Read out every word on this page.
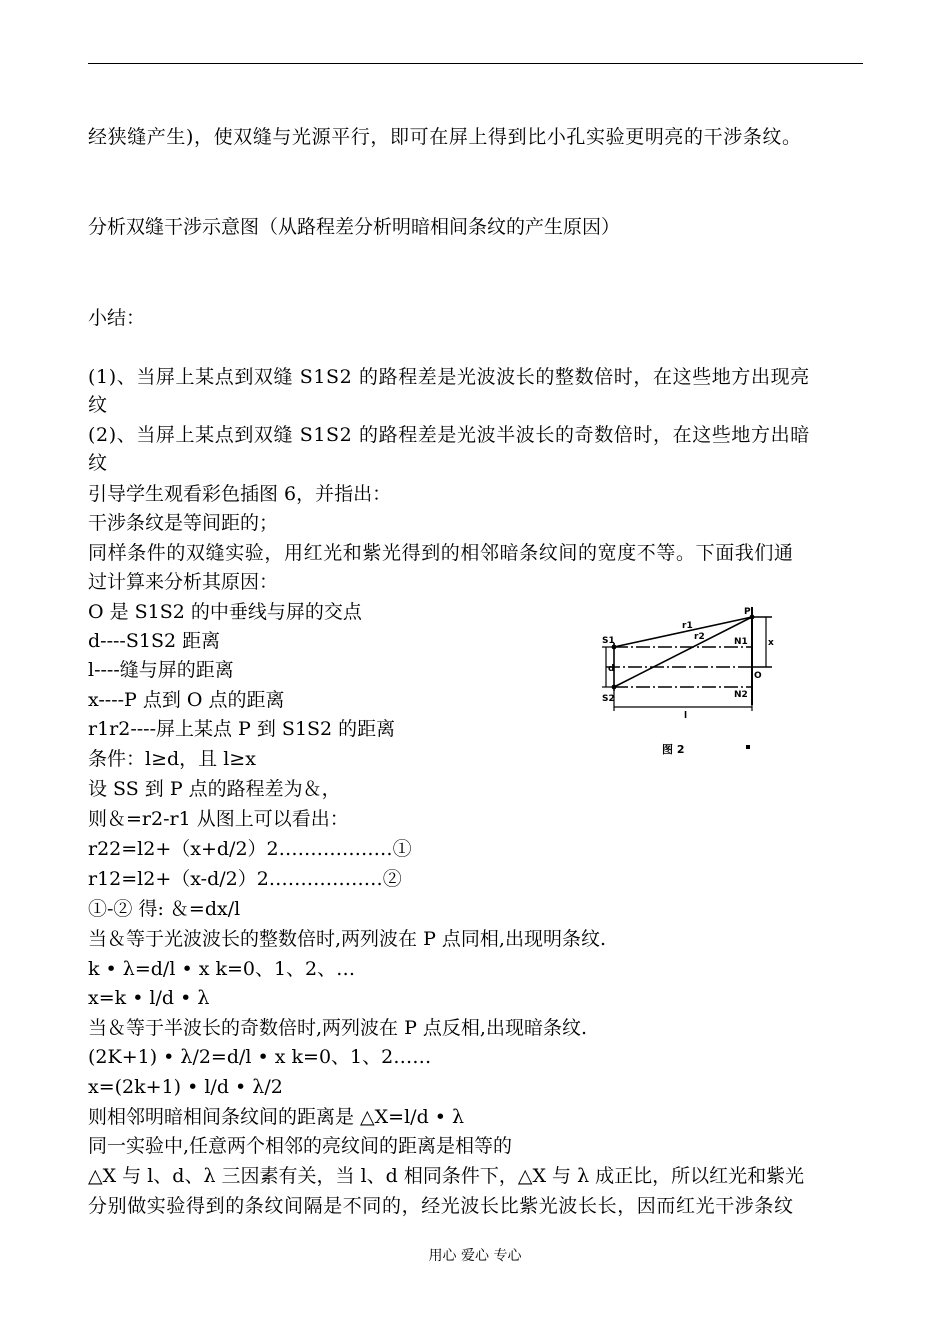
经狭缝产生)，使双缝与光源平行，即可在屏上得到比小孔实验更明亮的干涉条纹。
分析双缝干涉示意图（从路程差分析明暗相间条纹的产生原因）
小结：
(1)、当屏上某点到双缝 S1S2 的路程差是光波波长的整数倍时，在这些地方出现亮
纹
(2)、当屏上某点到双缝 S1S2 的路程差是光波半波长的奇数倍时，在这些地方出暗
纹
引导学生观看彩色插图 6，并指出：
干涉条纹是等间距的；
同样条件的双缝实验，用红光和紫光得到的相邻暗条纹间的宽度不等。下面我们通
过计算来分析其原因：
O 是 S1S2 的中垂线与屏的交点
d----S1S2 距离
l----缝与屏的距离
x----P 点到 O 点的距离
r1r2----屏上某点 P 到 S1S2 的距离
条件：l≥d，且 l≥x
设 SS 到 P 点的路程差为＆，
则＆=r2-r1 从图上可以看出：
r22=l2+（x+d/2）2………………①
r12=l2+（x-d/2）2………………②
①-② 得: ＆=dx/l
当＆等于光波波长的整数倍时,两列波在 P 点同相,出现明条纹.
k • λ=d/l • x k=0、1、2、…
x=k • l/d • λ
当＆等于半波长的奇数倍时,两列波在 P 点反相,出现暗条纹.
(2K+1) • λ/2=d/l • x k=0、1、2……
x=(2k+1) • l/d • λ/2
则相邻明暗相间条纹间的距离是 △X=l/d • λ
同一实验中,任意两个相邻的亮纹间的距离是相等的
△X 与 l、d、λ 三因素有关，当 l、d 相同条件下，△X 与 λ 成正比，所以红光和紫光
分别做实验得到的条纹间隔是不同的，经光波长比紫光波长长，因而红光干涉条纹
P
S1
S2
r1
r2	N1
N2
O
d
l
x
图 2
用心 爱心 专心
